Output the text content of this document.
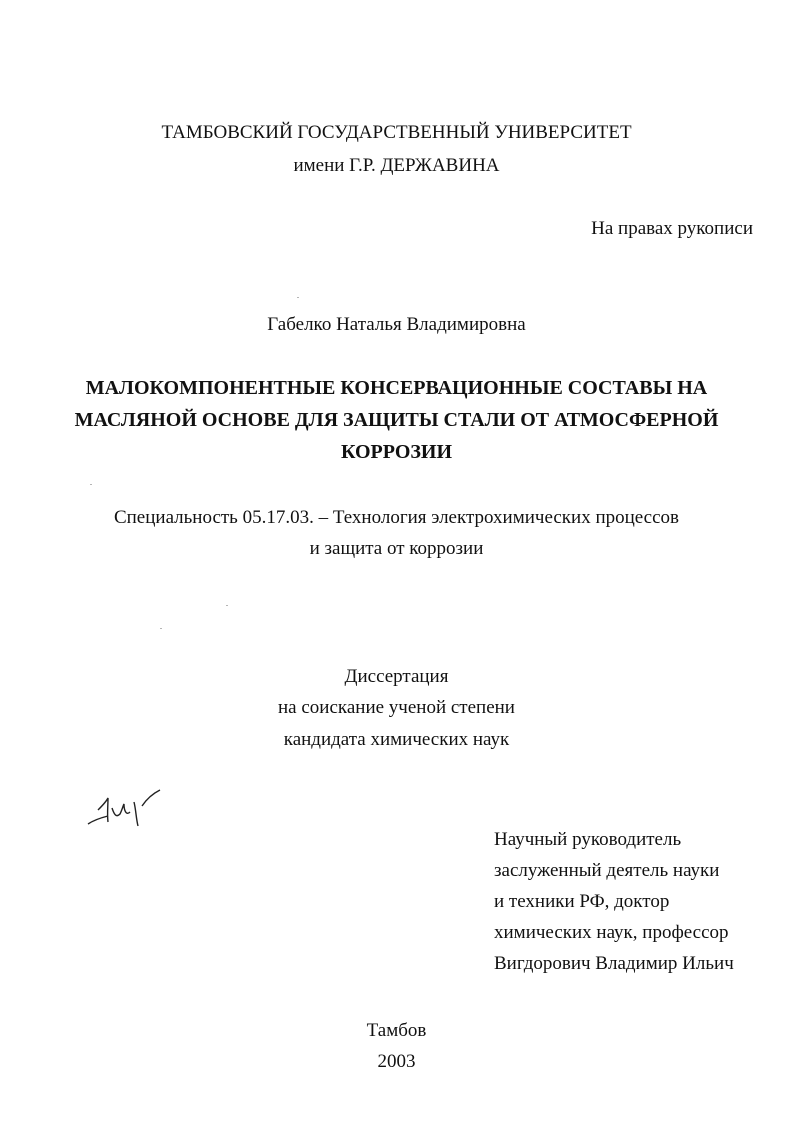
ТАМБОВСКИЙ ГОСУДАРСТВЕННЫЙ УНИВЕРСИТЕТ
имени Г.Р. ДЕРЖАВИНА
На правах рукописи
Габелко Наталья Владимировна
МАЛОКОМПОНЕНТНЫЕ КОНСЕРВАЦИОННЫЕ СОСТАВЫ НА
МАСЛЯНОЙ ОСНОВЕ ДЛЯ ЗАЩИТЫ СТАЛИ ОТ АТМОСФЕРНОЙ
КОРРОЗИИ
Специальность 05.17.03. – Технология электрохимических процессов
и защита от коррозии
Диссертация
на соискание ученой степени
кандидата химических наук
Научный руководитель
заслуженный деятель науки
и техники РФ, доктор
химических наук, профессор
Вигдорович Владимир Ильич
Тамбов
2003
